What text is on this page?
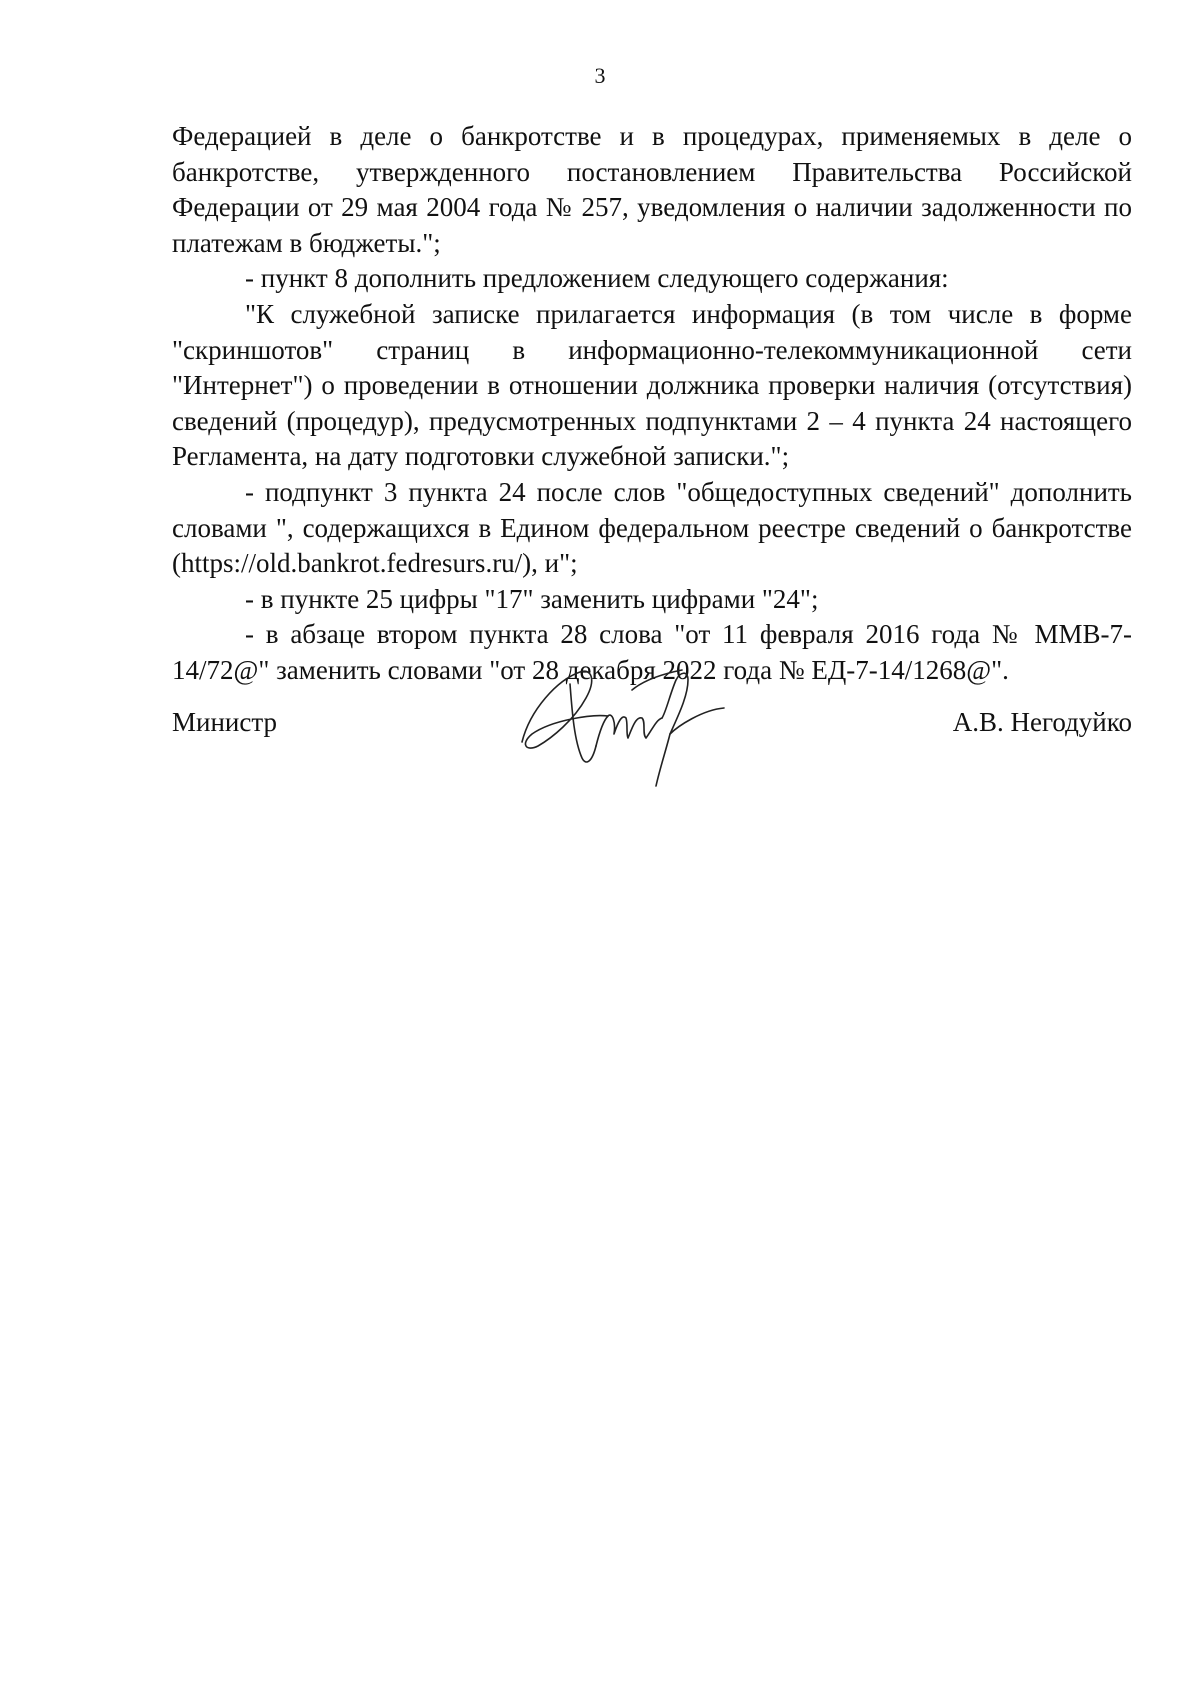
3

Федерацией в деле о банкротстве и в процедурах, применяемых в деле о банкротстве, утвержденного постановлением Правительства Российской Федерации от 29 мая 2004 года № 257, уведомления о наличии задолженности по платежам в бюджеты.";

- пункт 8 дополнить предложением следующего содержания:

"К служебной записке прилагается информация (в том числе в форме "скриншотов" страниц в информационно-телекоммуникационной сети "Интернет") о проведении в отношении должника проверки наличия (отсутствия) сведений (процедур), предусмотренных подпунктами 2 – 4 пункта 24 настоящего Регламента, на дату подготовки служебной записки.";

- подпункт 3 пункта 24 после слов "общедоступных сведений" дополнить словами ", содержащихся в Едином федеральном реестре сведений о банкротстве (https://old.bankrot.fedresurs.ru/), и";

- в пункте 25 цифры "17" заменить цифрами "24";

- в абзаце втором пункта 28 слова "от 11 февраля 2016 года № ММВ-7-14/72@" заменить словами "от 28 декабря 2022 года № ЕД-7-14/1268@".

Министр	А.В. Негодуйко
